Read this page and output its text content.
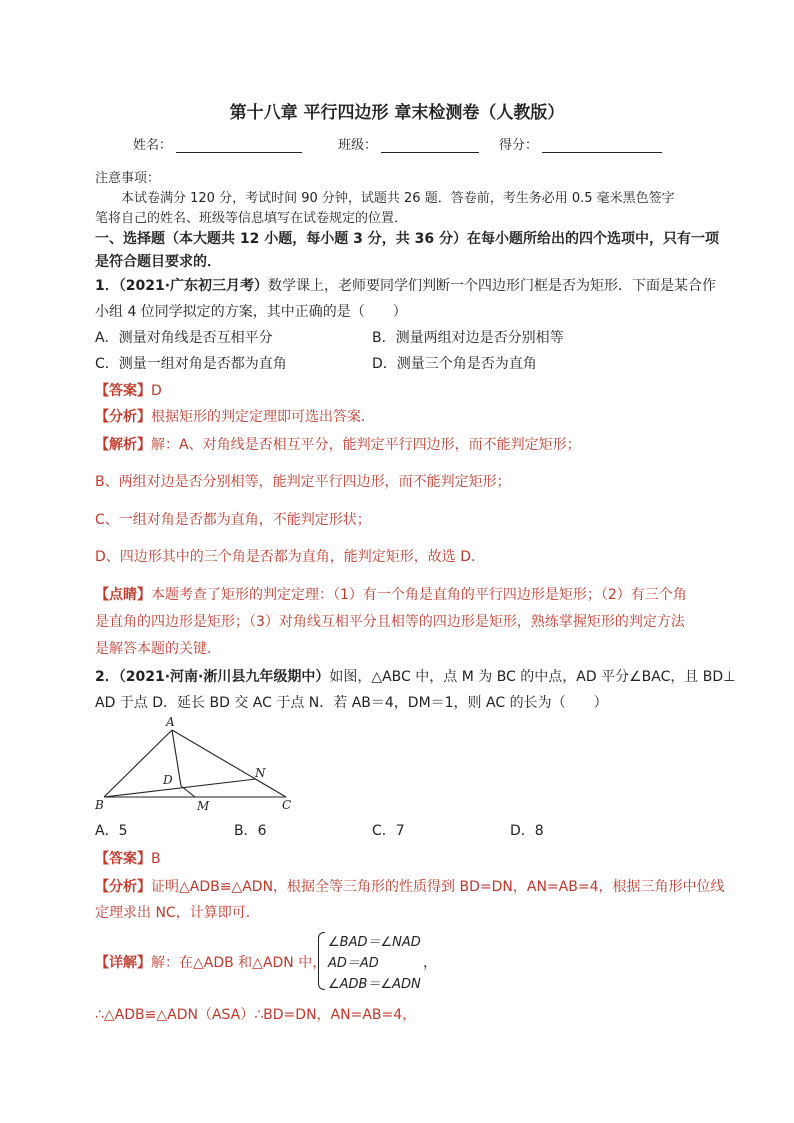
第十八章 平行四边形 章末检测卷（人教版）
姓名：	班级：	得分：
注意事项：
本试卷满分 120 分，考试时间 90 分钟，试题共 26 题．答卷前，考生务必用 0.5 毫米黑色签字
笔将自己的姓名、班级等信息填写在试卷规定的位置．
一、选择题（本大题共 12 小题，每小题 3 分，共 36 分）在每小题所给出的四个选项中，只有一项
是符合题目要求的．
1．（2021·广东初三月考）数学课上，老师要同学们判断一个四边形门框是否为矩形．下面是某合作
小组 4 位同学拟定的方案，其中正确的是（　　）
A．测量对角线是否互相平分	B．测量两组对边是否分别相等
C．测量一组对角是否都为直角	D．测量三个角是否为直角
【答案】D
【分析】根据矩形的判定定理即可选出答案．
【解析】解：A、对角线是否相互平分，能判定平行四边形，而不能判定矩形；
B、两组对边是否分别相等，能判定平行四边形，而不能判定矩形；
C、一组对角是否都为直角，不能判定形状；
D、四边形其中的三个角是否都为直角，能判定矩形，故选 D．
【点睛】本题考查了矩形的判定定理：（1）有一个角是直角的平行四边形是矩形；（2）有三个角
是直角的四边形是矩形；（3）对角线互相平分且相等的四边形是矩形，熟练掌握矩形的判定方法
是解答本题的关键．
2．（2021·河南·淅川县九年级期中）如图，△ABC 中，点 M 为 BC 的中点，AD 平分∠BAC，且 BD⊥
AD 于点 D．延长 BD 交 AC 于点 N．若 AB＝4，DM＝1，则 AC 的长为（　　）
A
B	C
D
M
N
A．5	B．6	C．7	D．8
【答案】B
【分析】证明△ADB≌△ADN，根据全等三角形的性质得到 BD=DN，AN=AB=4，根据三角形中位线
定理求出 NC，计算即可．
【详解】解：在△ADB 和△ADN 中，
∠BAD＝∠NAD
AD＝AD
∠ADB＝∠ADN
，
∴△ADB≌△ADN（ASA）∴BD=DN，AN=AB=4，
